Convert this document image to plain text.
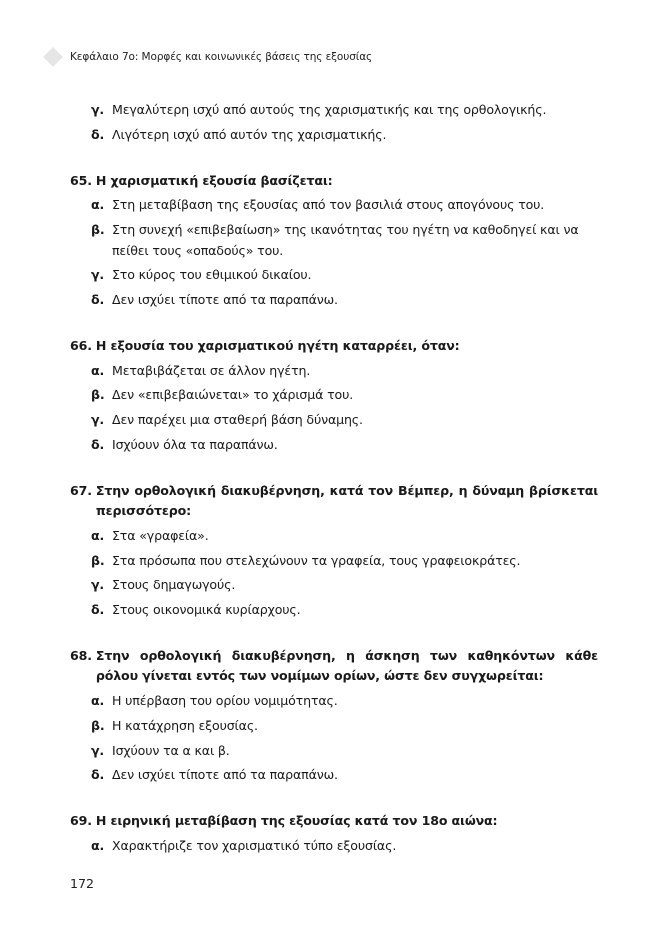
Κεφάλαιο 7ο: Μορφές και κοινωνικές βάσεις της εξουσίας
γ. Μεγαλύτερη ισχύ από αυτούς της χαρισματικής και της ορθολογικής.
δ. Λιγότερη ισχύ από αυτόν της χαρισματικής.
65. Η χαρισματική εξουσία βασίζεται:
α. Στη μεταβίβαση της εξουσίας από τον βασιλιά στους απογόνους του.
β. Στη συνεχή «επιβεβαίωση» της ικανότητας του ηγέτη να καθοδηγεί και να πείθει τους «οπαδούς» του.
γ. Στο κύρος του εθιμικού δικαίου.
δ. Δεν ισχύει τίποτε από τα παραπάνω.
66. Η εξουσία του χαρισματικού ηγέτη καταρρέει, όταν:
α. Μεταβιβάζεται σε άλλον ηγέτη.
β. Δεν «επιβεβαιώνεται» το χάρισμά του.
γ. Δεν παρέχει μια σταθερή βάση δύναμης.
δ. Ισχύουν όλα τα παραπάνω.
67. Στην ορθολογική διακυβέρνηση, κατά τον Βέμπερ, η δύναμη βρίσκεται περισσότερο:
α. Στα «γραφεία».
β. Στα πρόσωπα που στελεχώνουν τα γραφεία, τους γραφειοκράτες.
γ. Στους δημαγωγούς.
δ. Στους οικονομικά κυρίαρχους.
68. Στην ορθολογική διακυβέρνηση, η άσκηση των καθηκόντων κάθε ρόλου γίνεται εντός των νομίμων ορίων, ώστε δεν συγχωρείται:
α. Η υπέρβαση του ορίου νομιμότητας.
β. Η κατάχρηση εξουσίας.
γ. Ισχύουν τα α και β.
δ. Δεν ισχύει τίποτε από τα παραπάνω.
69. Η ειρηνική μεταβίβαση της εξουσίας κατά τον 18ο αιώνα:
α. Χαρακτήριζε τον χαρισματικό τύπο εξουσίας.
172
